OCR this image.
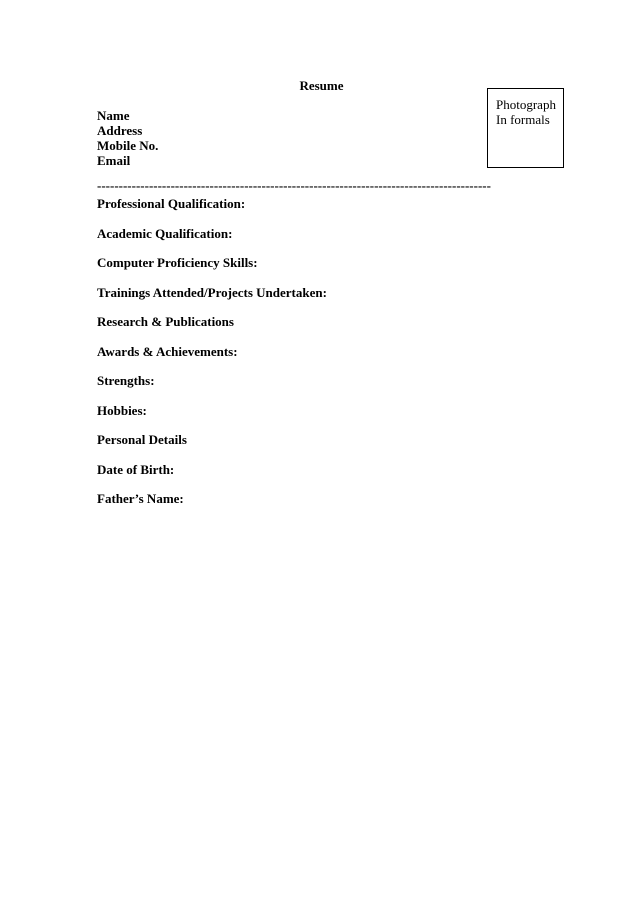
Resume
Name
Address
Mobile No.
Email
Photograph
In formals
-------------------------------------------------------------------------------------------
Professional Qualification:
Academic Qualification:
Computer Proficiency Skills:
Trainings Attended/Projects Undertaken:
Research & Publications
Awards & Achievements:
Strengths:
Hobbies:
Personal Details
Date of Birth:
Father’s Name:
